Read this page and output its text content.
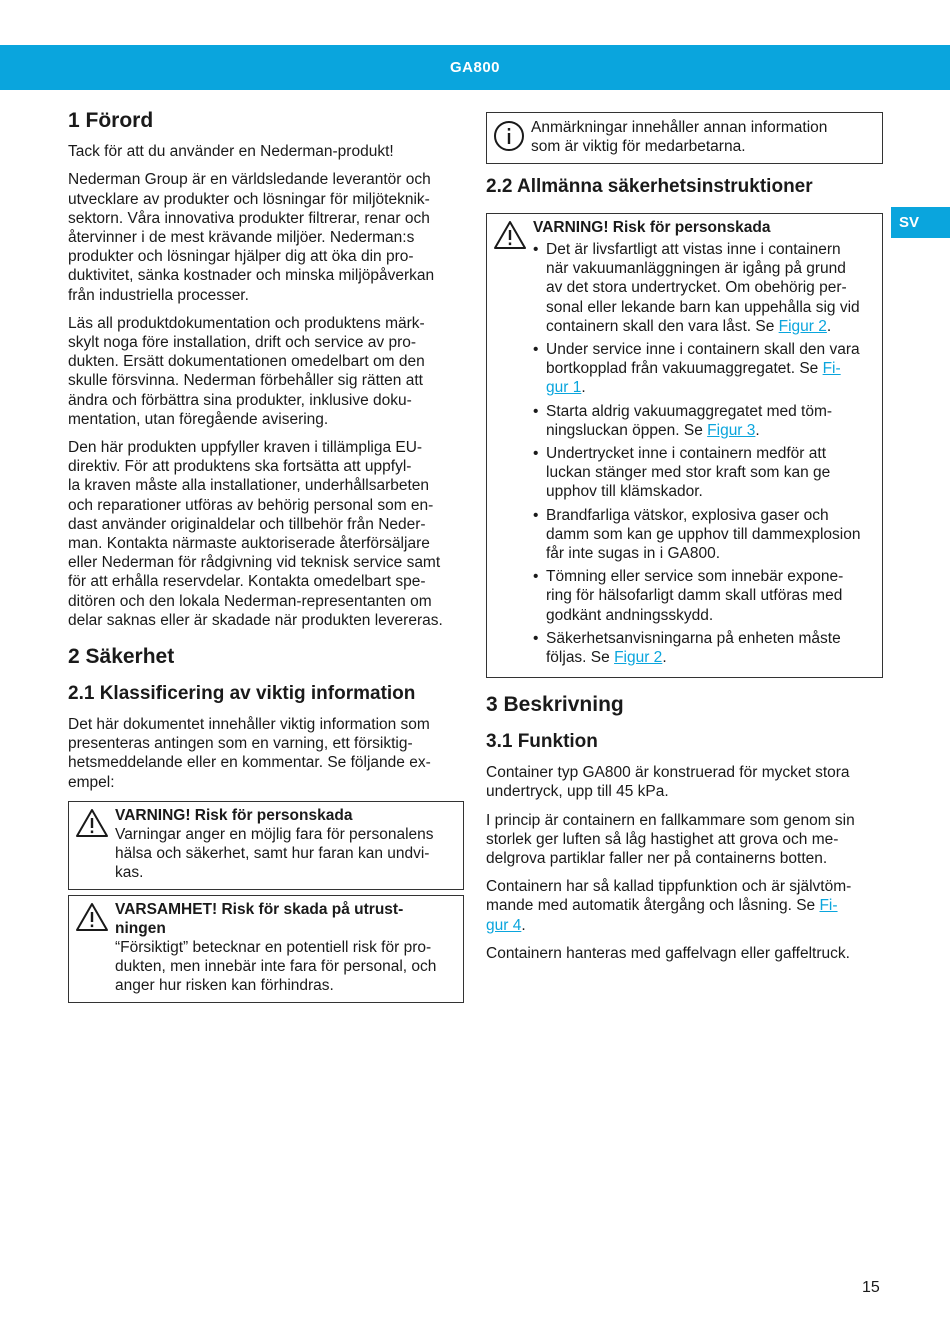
GA800
SV
1 Förord

Tack för att du använder en Nederman-produkt!

Nederman Group är en världsledande leverantör och
utvecklare av produkter och lösningar för miljöteknik-
sektorn. Våra innovativa produkter filtrerar, renar och
återvinner i de mest krävande miljöer. Nederman:s
produkter och lösningar hjälper dig att öka din pro-
duktivitet, sänka kostnader och minska miljöpåverkan
från industriella processer.

Läs all produktdokumentation och produktens märk-
skylt noga före installation, drift och service av pro-
dukten. Ersätt dokumentationen omedelbart om den
skulle försvinna. Nederman förbehåller sig rätten att
ändra och förbättra sina produkter, inklusive doku-
mentation, utan föregående avisering.

Den här produkten uppfyller kraven i tillämpliga EU-
direktiv. För att produktens ska fortsätta att uppfyl-
la kraven måste alla installationer, underhållsarbeten
och reparationer utföras av behörig personal som en-
dast använder originaldelar och tillbehör från Neder-
man. Kontakta närmaste auktoriserade återförsäljare
eller Nederman för rådgivning vid teknisk service samt
för att erhålla reservdelar. Kontakta omedelbart spe-
ditören och den lokala Nederman-representanten om
delar saknas eller är skadade när produkten levereras.

2 Säkerhet
2.1 Klassificering av viktig information

Det här dokumentet innehåller viktig information som
presenteras antingen som en varning, ett försiktig-
hetsmeddelande eller en kommentar. Se följande ex-
empel:

VARNING! Risk för personskada
Varningar anger en möjlig fara för personalens
hälsa och säkerhet, samt hur faran kan undvi-
kas.
VARSAMHET! Risk för skada på utrust-
ningen
“Försiktigt” betecknar en potentiell risk för pro-
dukten, men innebär inte fara för personal, och
anger hur risken kan förhindras.
Anmärkningar innehåller annan information
som är viktig för medarbetarna.
2.2 Allmänna säkerhetsinstruktioner
VARNING! Risk för personskada
• Det är livsfartligt att vistas inne i containern
när vakuumanläggningen är igång på grund
av det stora undertrycket. Om obehörig per-
sonal eller lekande barn kan uppehålla sig vid
containern skall den vara låst. Se Figur 2.
• Under service inne i containern skall den vara
bortkopplad från vakuumaggregatet. Se Fi-
gur 1.
• Starta aldrig vakuumaggregatet med töm-
ningsluckan öppen. Se Figur 3.
• Undertrycket inne i containern medför att
luckan stänger med stor kraft som kan ge
upphov till klämskador.
• Brandfarliga vätskor, explosiva gaser och
damm som kan ge upphov till dammexplosion
får inte sugas in i GA800.
• Tömning eller service som innebär expone-
ring för hälsofarligt damm skall utföras med
godkänt andningsskydd.
• Säkerhetsanvisningarna på enheten måste
följas. Se Figur 2.
3 Beskrivning
3.1 Funktion

Container typ GA800 är konstruerad för mycket stora
undertryck, upp till 45 kPa.

I princip är containern en fallkammare som genom sin
storlek ger luften så låg hastighet att grova och me-
delgrova partiklar faller ner på containerns botten.

Containern har så kallad tippfunktion och är självtöm-
mande med automatik återgång och låsning. Se Fi-
gur 4.

Containern hanteras med gaffelvagn eller gaffeltruck.

15
